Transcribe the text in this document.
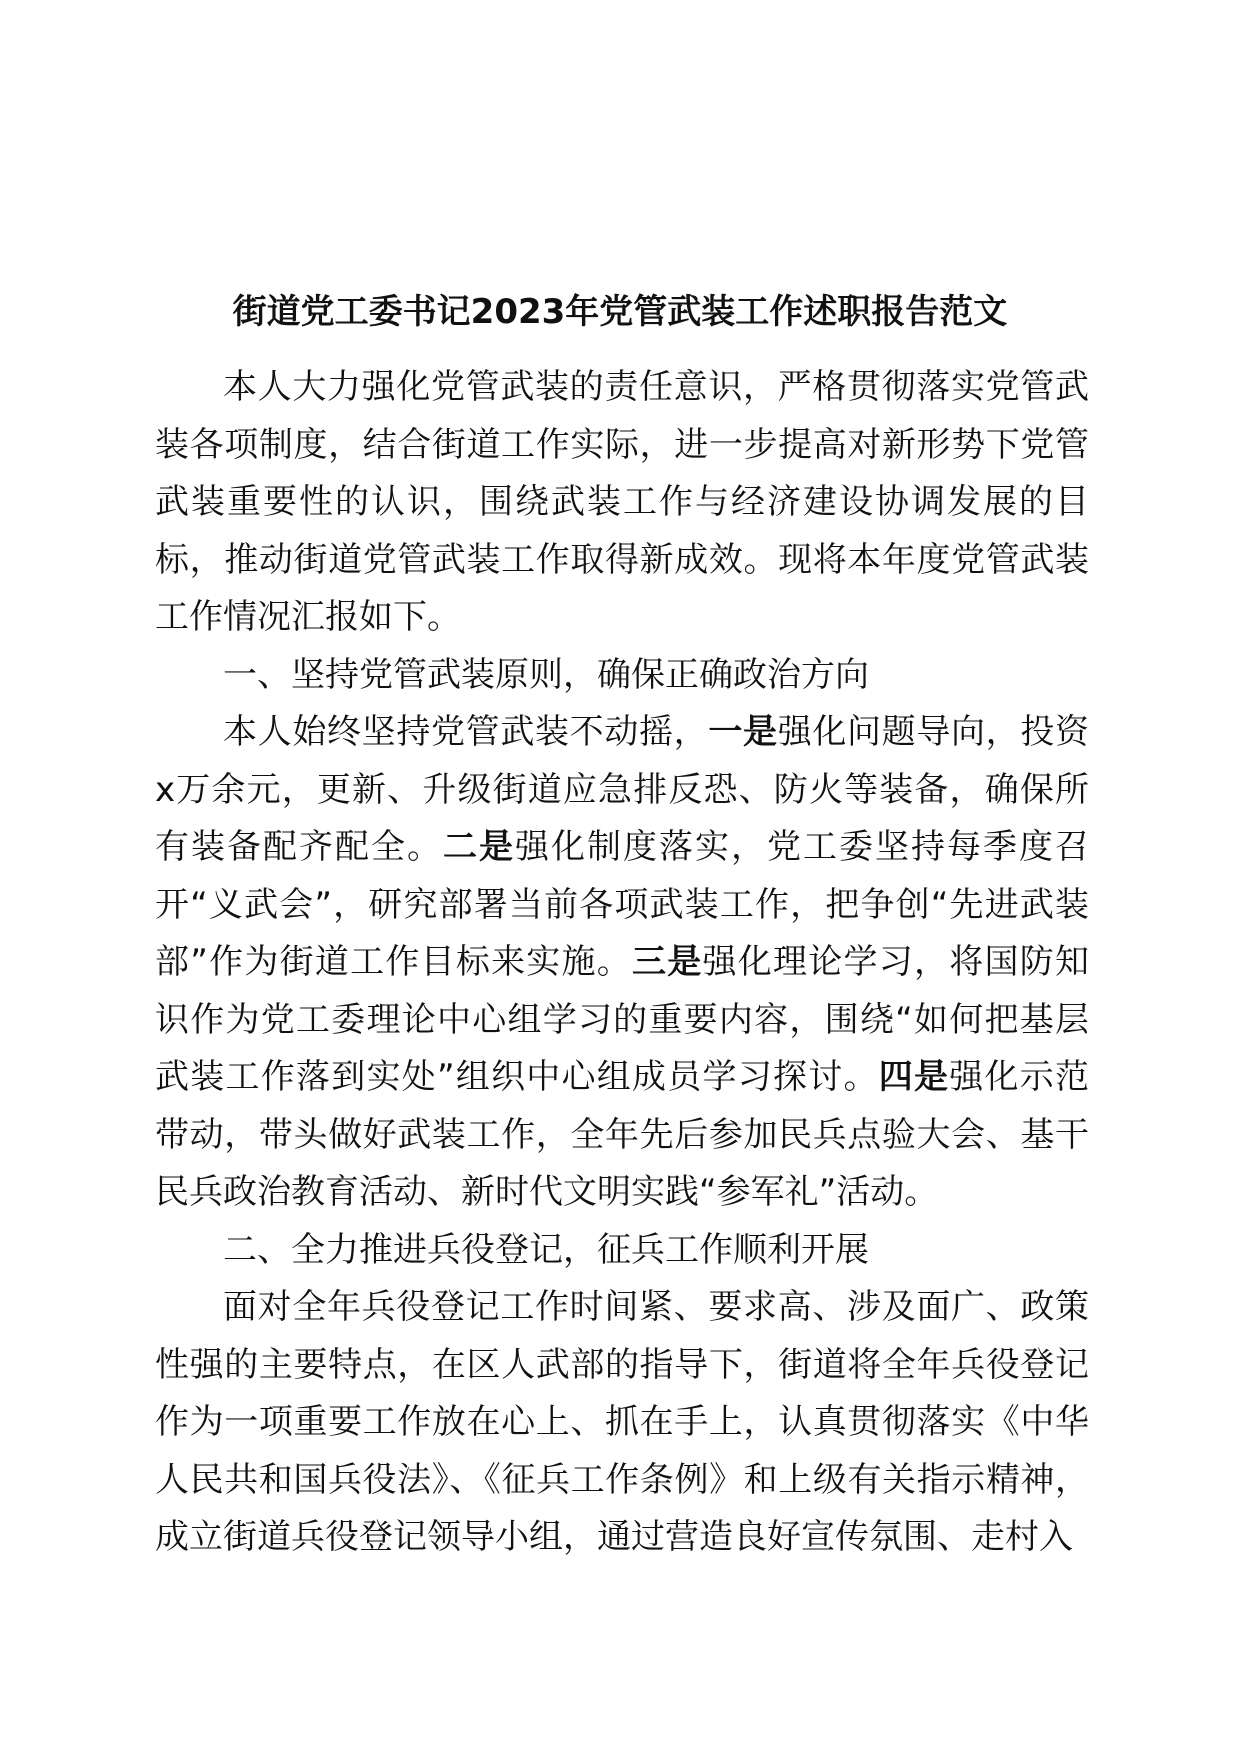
街道党工委书记2023年党管武装工作述职报告范文

本人大力强化党管武装的责任意识，严格贯彻落实党管武装各项制度，结合街道工作实际，进一步提高对新形势下党管武装重要性的认识，围绕武装工作与经济建设协调发展的目标，推动街道党管武装工作取得新成效。现将本年度党管武装工作情况汇报如下。

一、坚持党管武装原则，确保正确政治方向

本人始终坚持党管武装不动摇，一是强化问题导向，投资x万余元，更新、升级街道应急排反恐、防火等装备，确保所有装备配齐配全。二是强化制度落实，党工委坚持每季度召开“义武会”，研究部署当前各项武装工作，把争创“先进武装部”作为街道工作目标来实施。三是强化理论学习，将国防知识作为党工委理论中心组学习的重要内容，围绕“如何把基层武装工作落到实处”组织中心组成员学习探讨。四是强化示范带动，带头做好武装工作，全年先后参加民兵点验大会、基干民兵政治教育活动、新时代文明实践“参军礼”活动。

二、全力推进兵役登记，征兵工作顺利开展

面对全年兵役登记工作时间紧、要求高、涉及面广、政策性强的主要特点，在区人武部的指导下，街道将全年兵役登记作为一项重要工作放在心上、抓在手上，认真贯彻落实《中华人民共和国兵役法》、《征兵工作条例》和上级有关指示精神，成立街道兵役登记领导小组，通过营造良好宣传氛围、走村入
